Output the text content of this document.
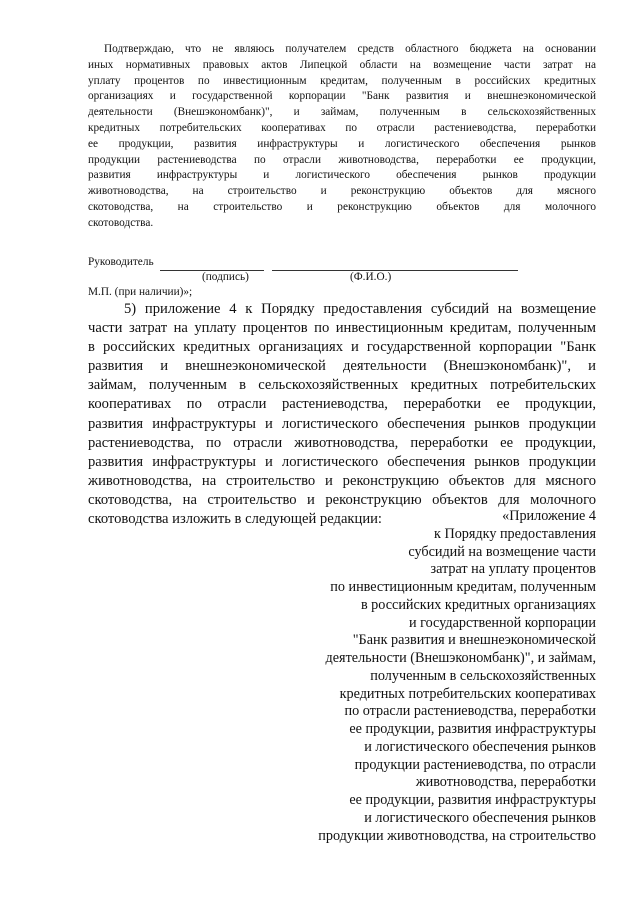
Подтверждаю, что не являюсь получателем средств областного бюджета на основании

иных нормативных правовых актов Липецкой области на возмещение части затрат на

уплату процентов по инвестиционным кредитам, полученным в российских кредитных

организациях и государственной корпорации "Банк развития и внешнеэкономической

деятельности (Внешэкономбанк)", и займам, полученным в сельскохозяйственных

кредитных потребительских кооперативах по отрасли растениеводства, переработки

ее продукции, развития инфраструктуры и логистического обеспечения рынков

продукции растениеводства по отрасли животноводства, переработки ее продукции,

развития инфраструктуры и логистического обеспечения рынков продукции

животноводства, на строительство и реконструкцию объектов для мясного

скотоводства, на строительство и реконструкцию объектов для молочного

скотоводства.

Руководитель
(подпись)	(Ф.И.О.)
М.П. (при наличии)»;

5) приложение 4 к Порядку предоставления субсидий на возмещение

части затрат на уплату процентов по инвестиционным кредитам, полученным

в российских кредитных организациях и государственной корпорации "Банк

развития и внешнеэкономической деятельности (Внешэкономбанк)", и

займам, полученным в сельскохозяйственных кредитных потребительских

кооперативах по отрасли растениеводства, переработки ее продукции,

развития инфраструктуры и логистического обеспечения рынков продукции

растениеводства, по отрасли животноводства, переработки ее продукции,

развития инфраструктуры и логистического обеспечения рынков продукции

животноводства, на строительство и реконструкцию объектов для мясного

скотоводства, на строительство и реконструкцию объектов для молочного

скотоводства изложить в следующей редакции:	«Приложение 4
к Порядку предоставления
субсидий на возмещение части
затрат на уплату процентов
по инвестиционным кредитам, полученным
в российских кредитных организациях
и государственной корпорации
"Банк развития и внешнеэкономической
деятельности (Внешэкономбанк)", и займам,
полученным в сельскохозяйственных
кредитных потребительских кооперативах
по отрасли растениеводства, переработки
ее продукции, развития инфраструктуры
и логистического обеспечения рынков
продукции растениеводства, по отрасли
животноводства, переработки
ее продукции, развития инфраструктуры
и логистического обеспечения рынков
продукции животноводства, на строительство
